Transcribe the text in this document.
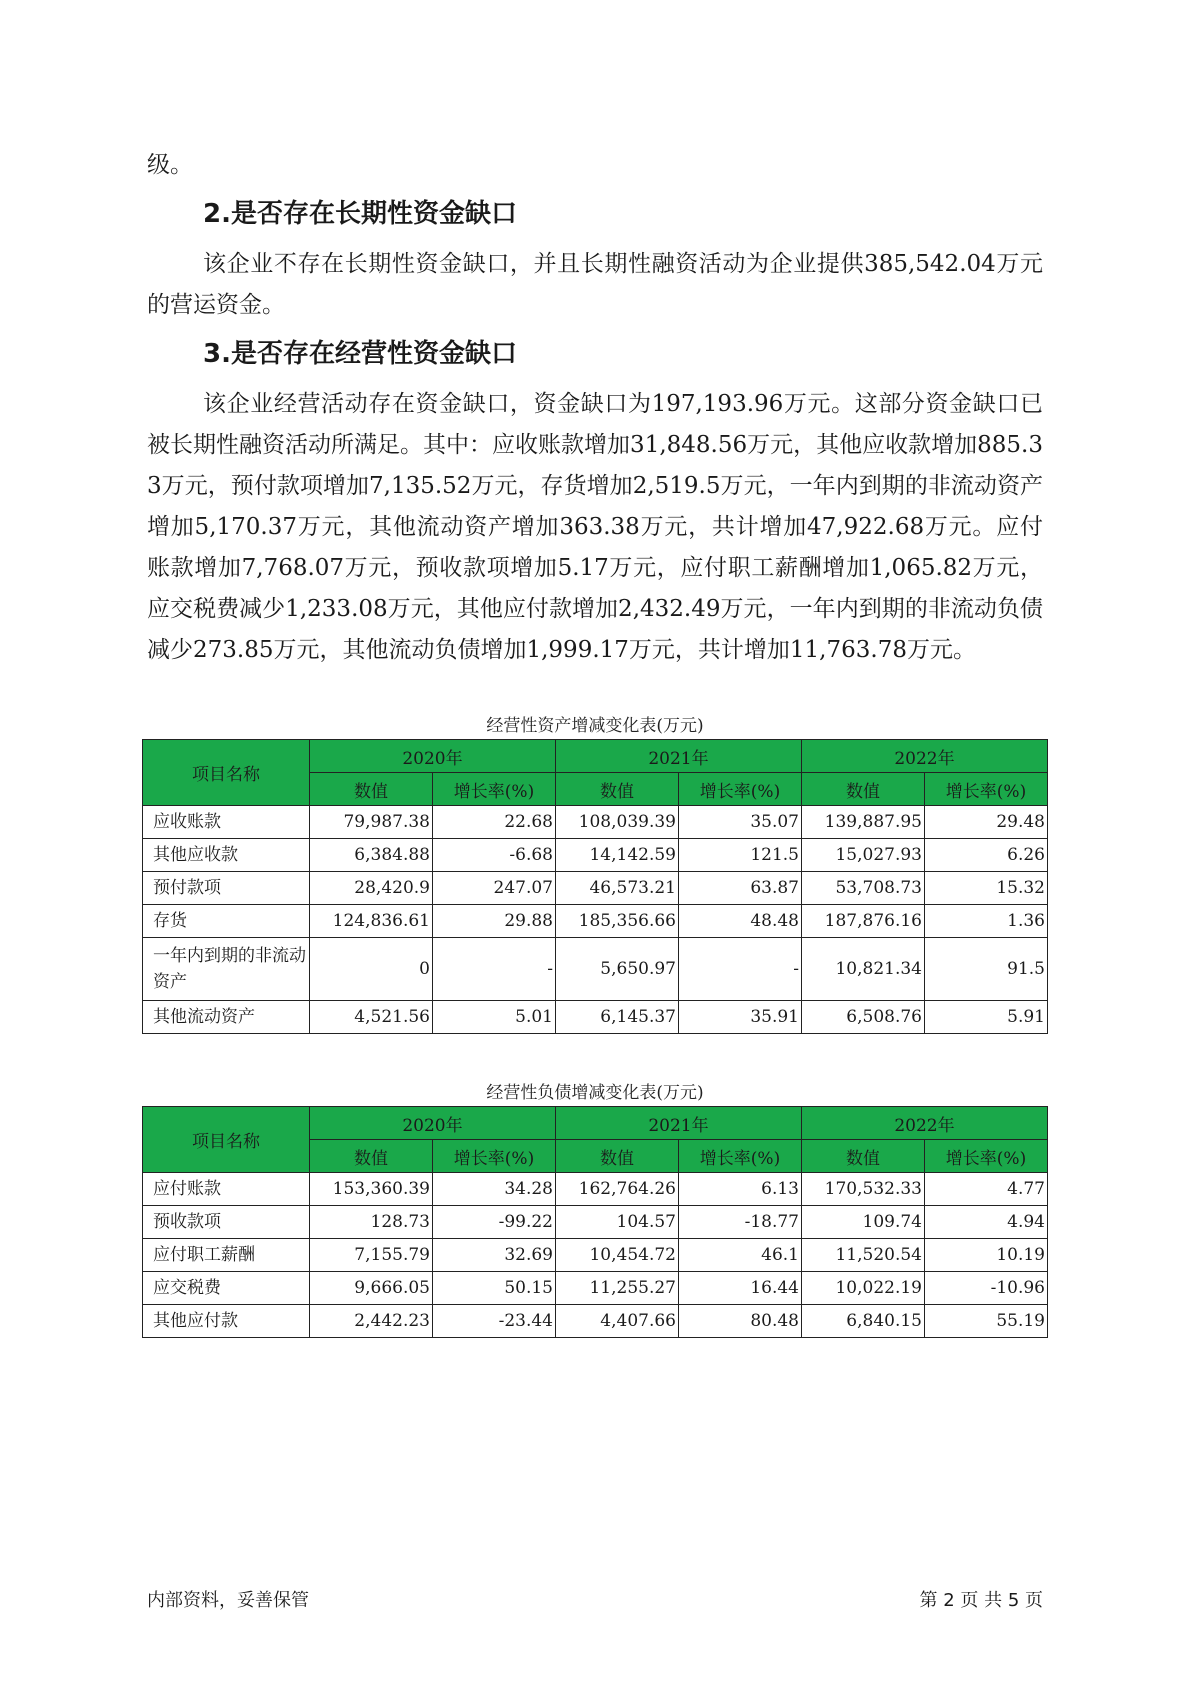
级。

2.是否存在长期性资金缺口

该企业不存在长期性资金缺口，并且长期性融资活动为企业提供385,542.04万元的营运资金。

3.是否存在经营性资金缺口

该企业经营活动存在资金缺口，资金缺口为197,193.96万元。这部分资金缺口已被长期性融资活动所满足。其中：应收账款增加31,848.56万元，其他应收款增加885.33万元，预付款项增加7,135.52万元，存货增加2,519.5万元，一年内到期的非流动资产增加5,170.37万元，其他流动资产增加363.38万元，共计增加47,922.68万元。应付账款增加7,768.07万元，预收款项增加5.17万元，应付职工薪酬增加1,065.82万元，应交税费减少1,233.08万元，其他应付款增加2,432.49万元，一年内到期的非流动负债减少273.85万元，其他流动负债增加1,999.17万元，共计增加11,763.78万元。

经营性资产增减变化表(万元)

项目名称	2020年		2021年		2022年	
	数值	增长率(%)	数值	增长率(%)	数值	增长率(%)
应收账款	79,987.38	22.68	108,039.39	35.07	139,887.95	29.48
其他应收款	6,384.88	-6.68	14,142.59	121.5	15,027.93	6.26
预付款项	28,420.9	247.07	46,573.21	63.87	53,708.73	15.32
存货	124,836.61	29.88	185,356.66	48.48	187,876.16	1.36
一年内到期的非流动资产	0	-	5,650.97	-	10,821.34	91.5
其他流动资产	4,521.56	5.01	6,145.37	35.91	6,508.76	5.91

经营性负债增减变化表(万元)

项目名称	2020年		2021年		2022年	
	数值	增长率(%)	数值	增长率(%)	数值	增长率(%)
应付账款	153,360.39	34.28	162,764.26	6.13	170,532.33	4.77
预收款项	128.73	-99.22	104.57	-18.77	109.74	4.94
应付职工薪酬	7,155.79	32.69	10,454.72	46.1	11,520.54	10.19
应交税费	9,666.05	50.15	11,255.27	16.44	10,022.19	-10.96
其他应付款	2,442.23	-23.44	4,407.66	80.48	6,840.15	55.19
内部资料，妥善保管	第 2 页 共 5 页
